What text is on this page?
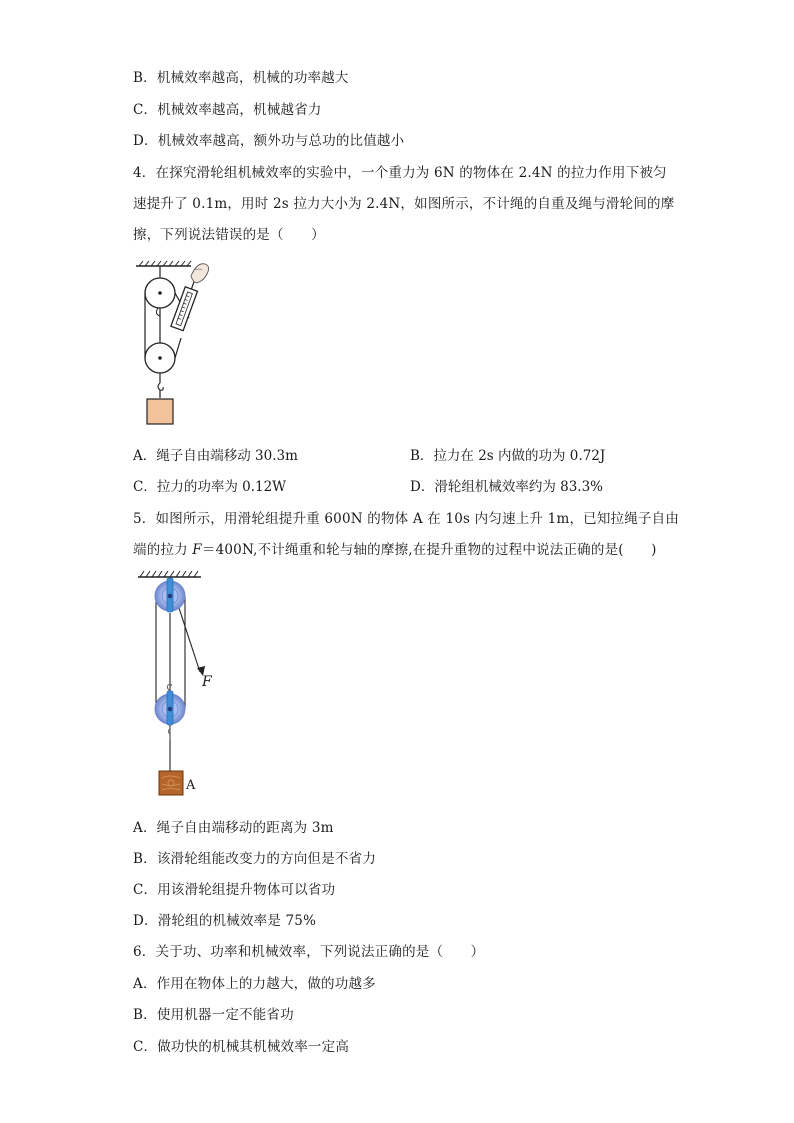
B．机械效率越高，机械的功率越大
C．机械效率越高，机械越省力
D．机械效率越高，额外功与总功的比值越小
4．在探究滑轮组机械效率的实验中，一个重力为 6N 的物体在 2.4N 的拉力作用下被匀
速提升了 0.1m，用时 2s 拉力大小为 2.4N，如图所示，不计绳的自重及绳与滑轮间的摩
擦，下列说法错误的是（　　）
A．绳子自由端移动 30.3m	B．拉力在 2s 内做的功为 0.72J
C．拉力的功率为 0.12W	D．滑轮组机械效率约为 83.3%
5．如图所示，用滑轮组提升重 600N 的物体 A 在 10s 内匀速上升 1m，已知拉绳子自由
端的拉力 F＝400N,不计绳重和轮与轴的摩擦,在提升重物的过程中说法正确的是(　　)
F
A
A．绳子自由端移动的距离为 3m
B．该滑轮组能改变力的方向但是不省力
C．用该滑轮组提升物体可以省功
D．滑轮组的机械效率是 75%
6．关于功、功率和机械效率，下列说法正确的是（　　）
A．作用在物体上的力越大，做的功越多
B．使用机器一定不能省功
C．做功快的机械其机械效率一定高
